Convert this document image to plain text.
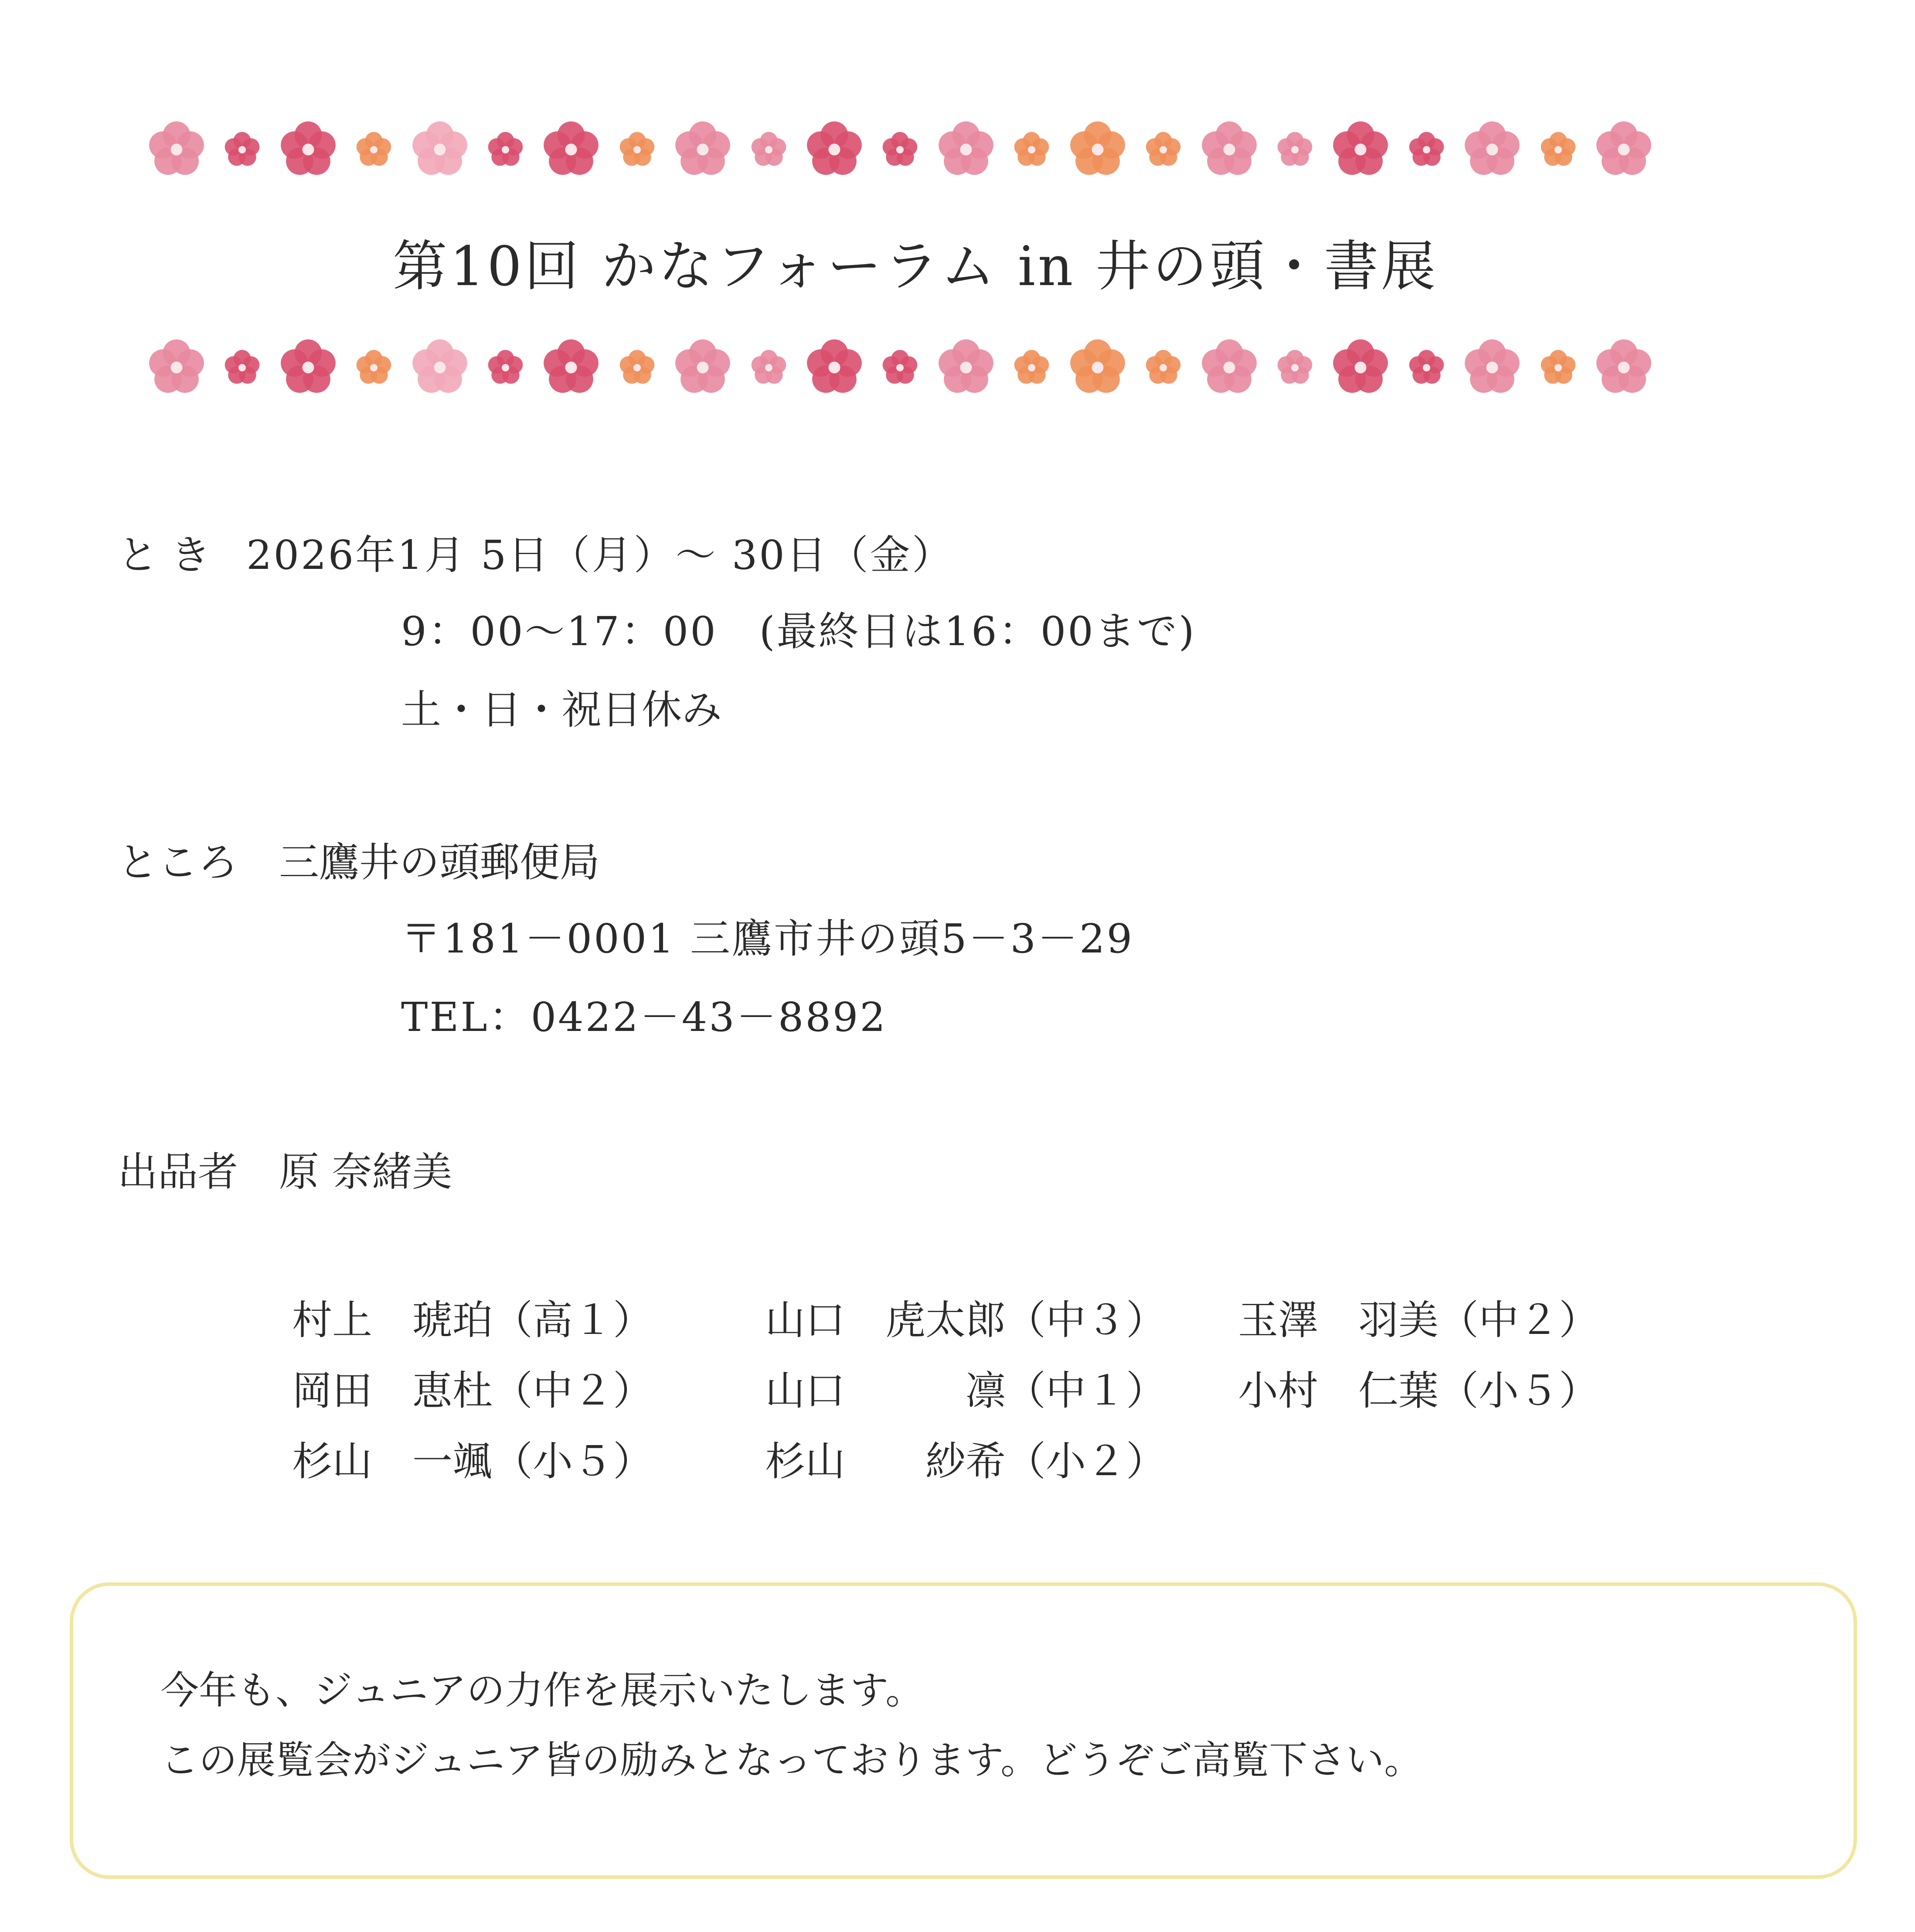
第10回 かなフォーラム in 井の頭・書展
と き 2026年1月 5日（月）～ 30日（金）
9：00～17：00　(最終日は16：00まで)
土・日・祝日休み
ところ 三鷹井の頭郵便局
〒181－0001 三鷹市井の頭5－3－29
TEL：0422－43－8892
出品者 原 奈緒美
村上　琥珀（高１）	山口　虎太郎（中３） 玉澤　羽美（中２）
岡田　恵杜（中２）	山口　　　凛（中１） 小村　仁葉（小５）
杉山　一颯（小５）	杉山　　紗希（小２）
今年も、ジュニアの力作を展示いたします。
この展覧会がジュニア皆の励みとなっております。どうぞご高覧下さい。
